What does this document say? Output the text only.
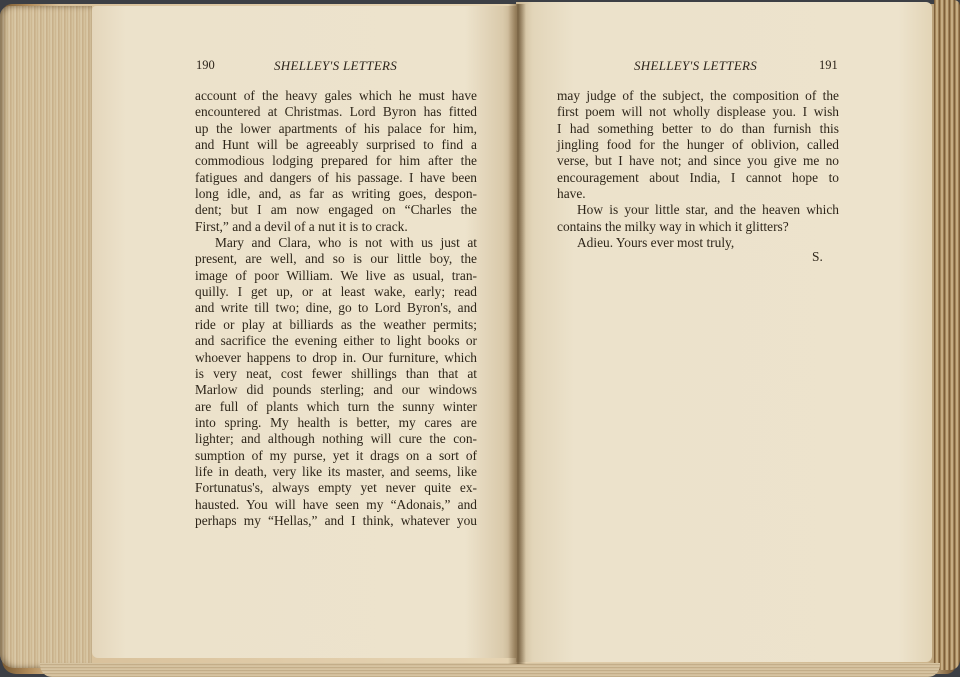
190	SHELLEY'S LETTERS	SHELLEY'S LETTERS	191
account of the heavy gales which he must have
encountered at Christmas. Lord Byron has fitted
up the lower apartments of his palace for him,
and Hunt will be agreeably surprised to find a
commodious lodging prepared for him after the
fatigues and dangers of his passage. I have been
long idle, and, as far as writing goes, despon-
dent; but I am now engaged on “Charles the
First,” and a devil of a nut it is to crack.
Mary and Clara, who is not with us just at
present, are well, and so is our little boy, the
image of poor William. We live as usual, tran-
quilly. I get up, or at least wake, early; read
and write till two; dine, go to Lord Byron's, and
ride or play at billiards as the weather permits;
and sacrifice the evening either to light books or
whoever happens to drop in. Our furniture, which
is very neat, cost fewer shillings than that at
Marlow did pounds sterling; and our windows
are full of plants which turn the sunny winter
into spring. My health is better, my cares are
lighter; and although nothing will cure the con-
sumption of my purse, yet it drags on a sort of
life in death, very like its master, and seems, like
Fortunatus's, always empty yet never quite ex-
hausted. You will have seen my “Adonais,” and
perhaps my “Hellas,” and I think, whatever you
may judge of the subject, the composition of the
first poem will not wholly displease you. I wish
I had something better to do than furnish this
jingling food for the hunger of oblivion, called
verse, but I have not; and since you give me no
encouragement about India, I cannot hope to
have.
How is your little star, and the heaven which
contains the milky way in which it glitters?
Adieu. Yours ever most truly,
S.
